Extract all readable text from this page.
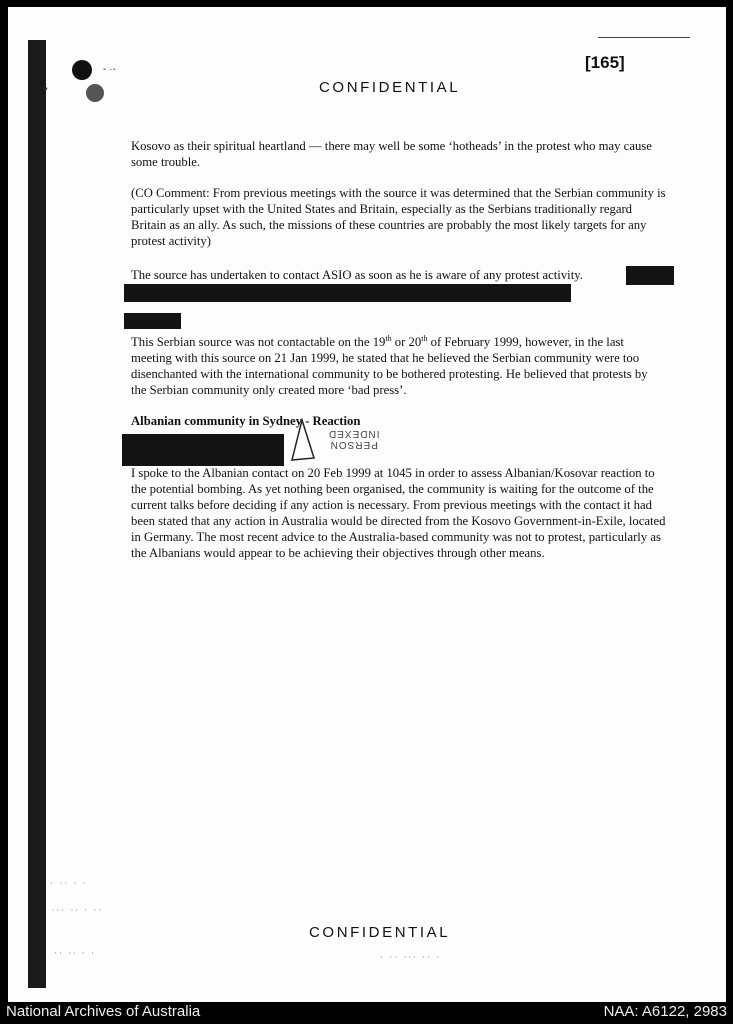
˙ •
- ·-	[165]
CONFIDENTIAL
Kosovo as their spiritual heartland — there may well be some ‘hotheads’ in the protest who may cause some trouble.
(CO Comment: From previous meetings with the source it was determined that the Serbian community is particularly upset with the United States and Britain, especially as the Serbians traditionally regard Britain as an ally. As such, the missions of these countries are probably the most likely targets for any protest activity)
The source has undertaken to contact ASIO as soon as he is aware of any protest activity.
This Serbian source was not contactable on the 19th or 20th of February 1999, however, in the last meeting with this source on 21 Jan 1999, he stated that he believed the Serbian community were too disenchanted with the international community to be bothered protesting. He believed that protests by the Serbian community only created more ‘bad press’.
Albanian community in Sydney - Reaction
PERSON
INDEXED
I spoke to the Albanian contact on 20 Feb 1999 at 1045 in order to assess Albanian/Kosovar reaction to the potential bombing. As yet nothing been organised, the community is waiting for the outcome of the current talks before deciding if any action is necessary. From previous meetings with the contact it had been stated that any action in Australia would be directed from the Kosovo Government-in-Exile, located in Germany. The most recent advice to the Australia-based community was not to protest, particularly as the Albanians would appear to be achieving their objectives through other means.
· ·· · ·
∙·· ·∙ · ··
·· ·∙ · ·	· ·· ·∙· ·· ·
CONFIDENTIAL
National Archives of Australia	NAA: A6122, 2983
